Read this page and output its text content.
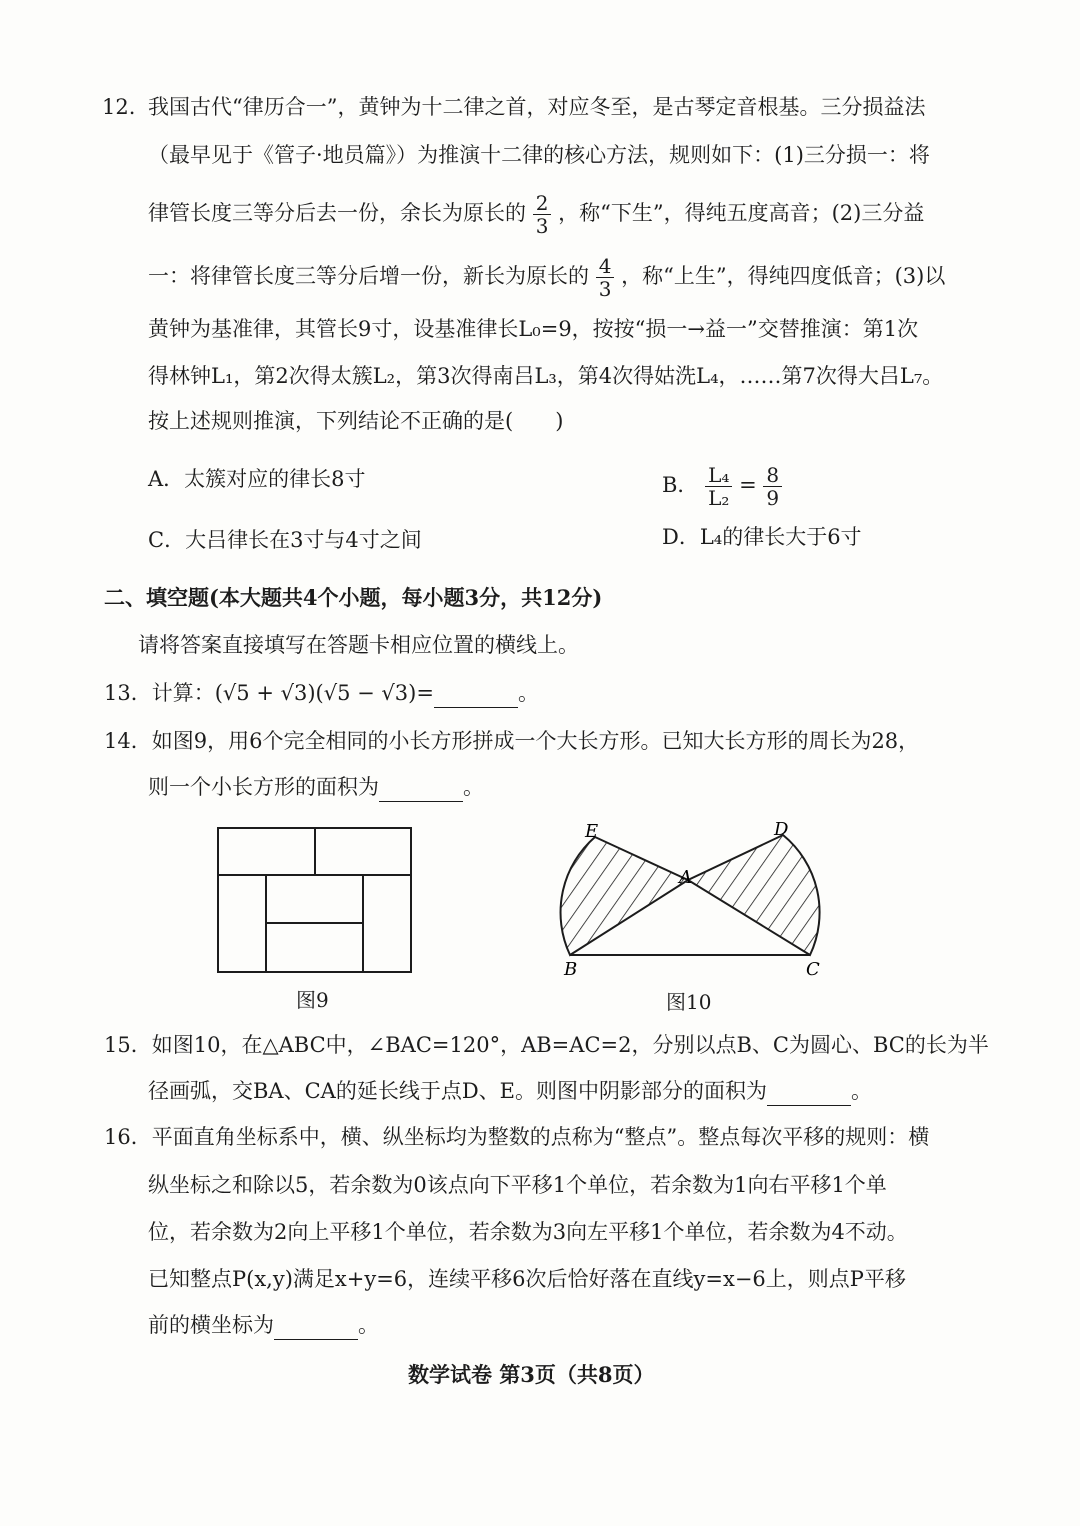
12. 我国古代“律历合一”，黄钟为十二律之首，对应冬至，是古琴定音根基。三分损益法
（最早见于《管子·地员篇》）为推演十二律的核心方法，规则如下：(1)三分损一：将
律管长度三等分后去一份，余长为原长的 $\frac{2}{3}$ ，称“下生”，得纯五度高音；(2)三分益
一：将律管长度三等分后增一份，新长为原长的 $\frac{4}{3}$ ，称“上生”，得纯四度低音；(3)以
黄钟为基准律，其管长9寸，设基准律长L₀=9，按按“损一→益一”交替推演：第1次
得林钟L₁，第2次得太簇L₂，第3次得南吕L₃，第4次得姑洗L₄，……第7次得大吕L₇。
按上述规则推演，下列结论不正确的是(　　)
A．太簇对应的律长8寸	B． $\frac{\text{L₄}}{\text{L₂}} = \frac{8}{9}$
C．大吕律长在3寸与4寸之间	D．L₄的律长大于6寸
二、填空题(本大题共4个小题，每小题3分，共12分)
请将答案直接填写在答题卡相应位置的横线上。
13．计算：(√5 + √3)(√5 − √3)=	。
14．如图9，用6个完全相同的小长方形拼成一个大长方形。已知大长方形的周长为28，
则一个小长方形的面积为	。
图9
E	D
A
B	C
图10
15．如图10，在△ABC中，∠BAC=120°，AB=AC=2，分别以点B、C为圆心、BC的长为半
径画弧，交BA、CA的延长线于点D、E。则图中阴影部分的面积为	。
16．平面直角坐标系中，横、纵坐标均为整数的点称为“整点”。整点每次平移的规则：横
纵坐标之和除以5，若余数为0该点向下平移1个单位，若余数为1向右平移1个单
位，若余数为2向上平移1个单位，若余数为3向左平移1个单位，若余数为4不动。
已知整点P(x,y)满足x+y=6，连续平移6次后恰好落在直线y=x−6上，则点P平移
前的横坐标为	。
数学试卷 第3页（共8页）
